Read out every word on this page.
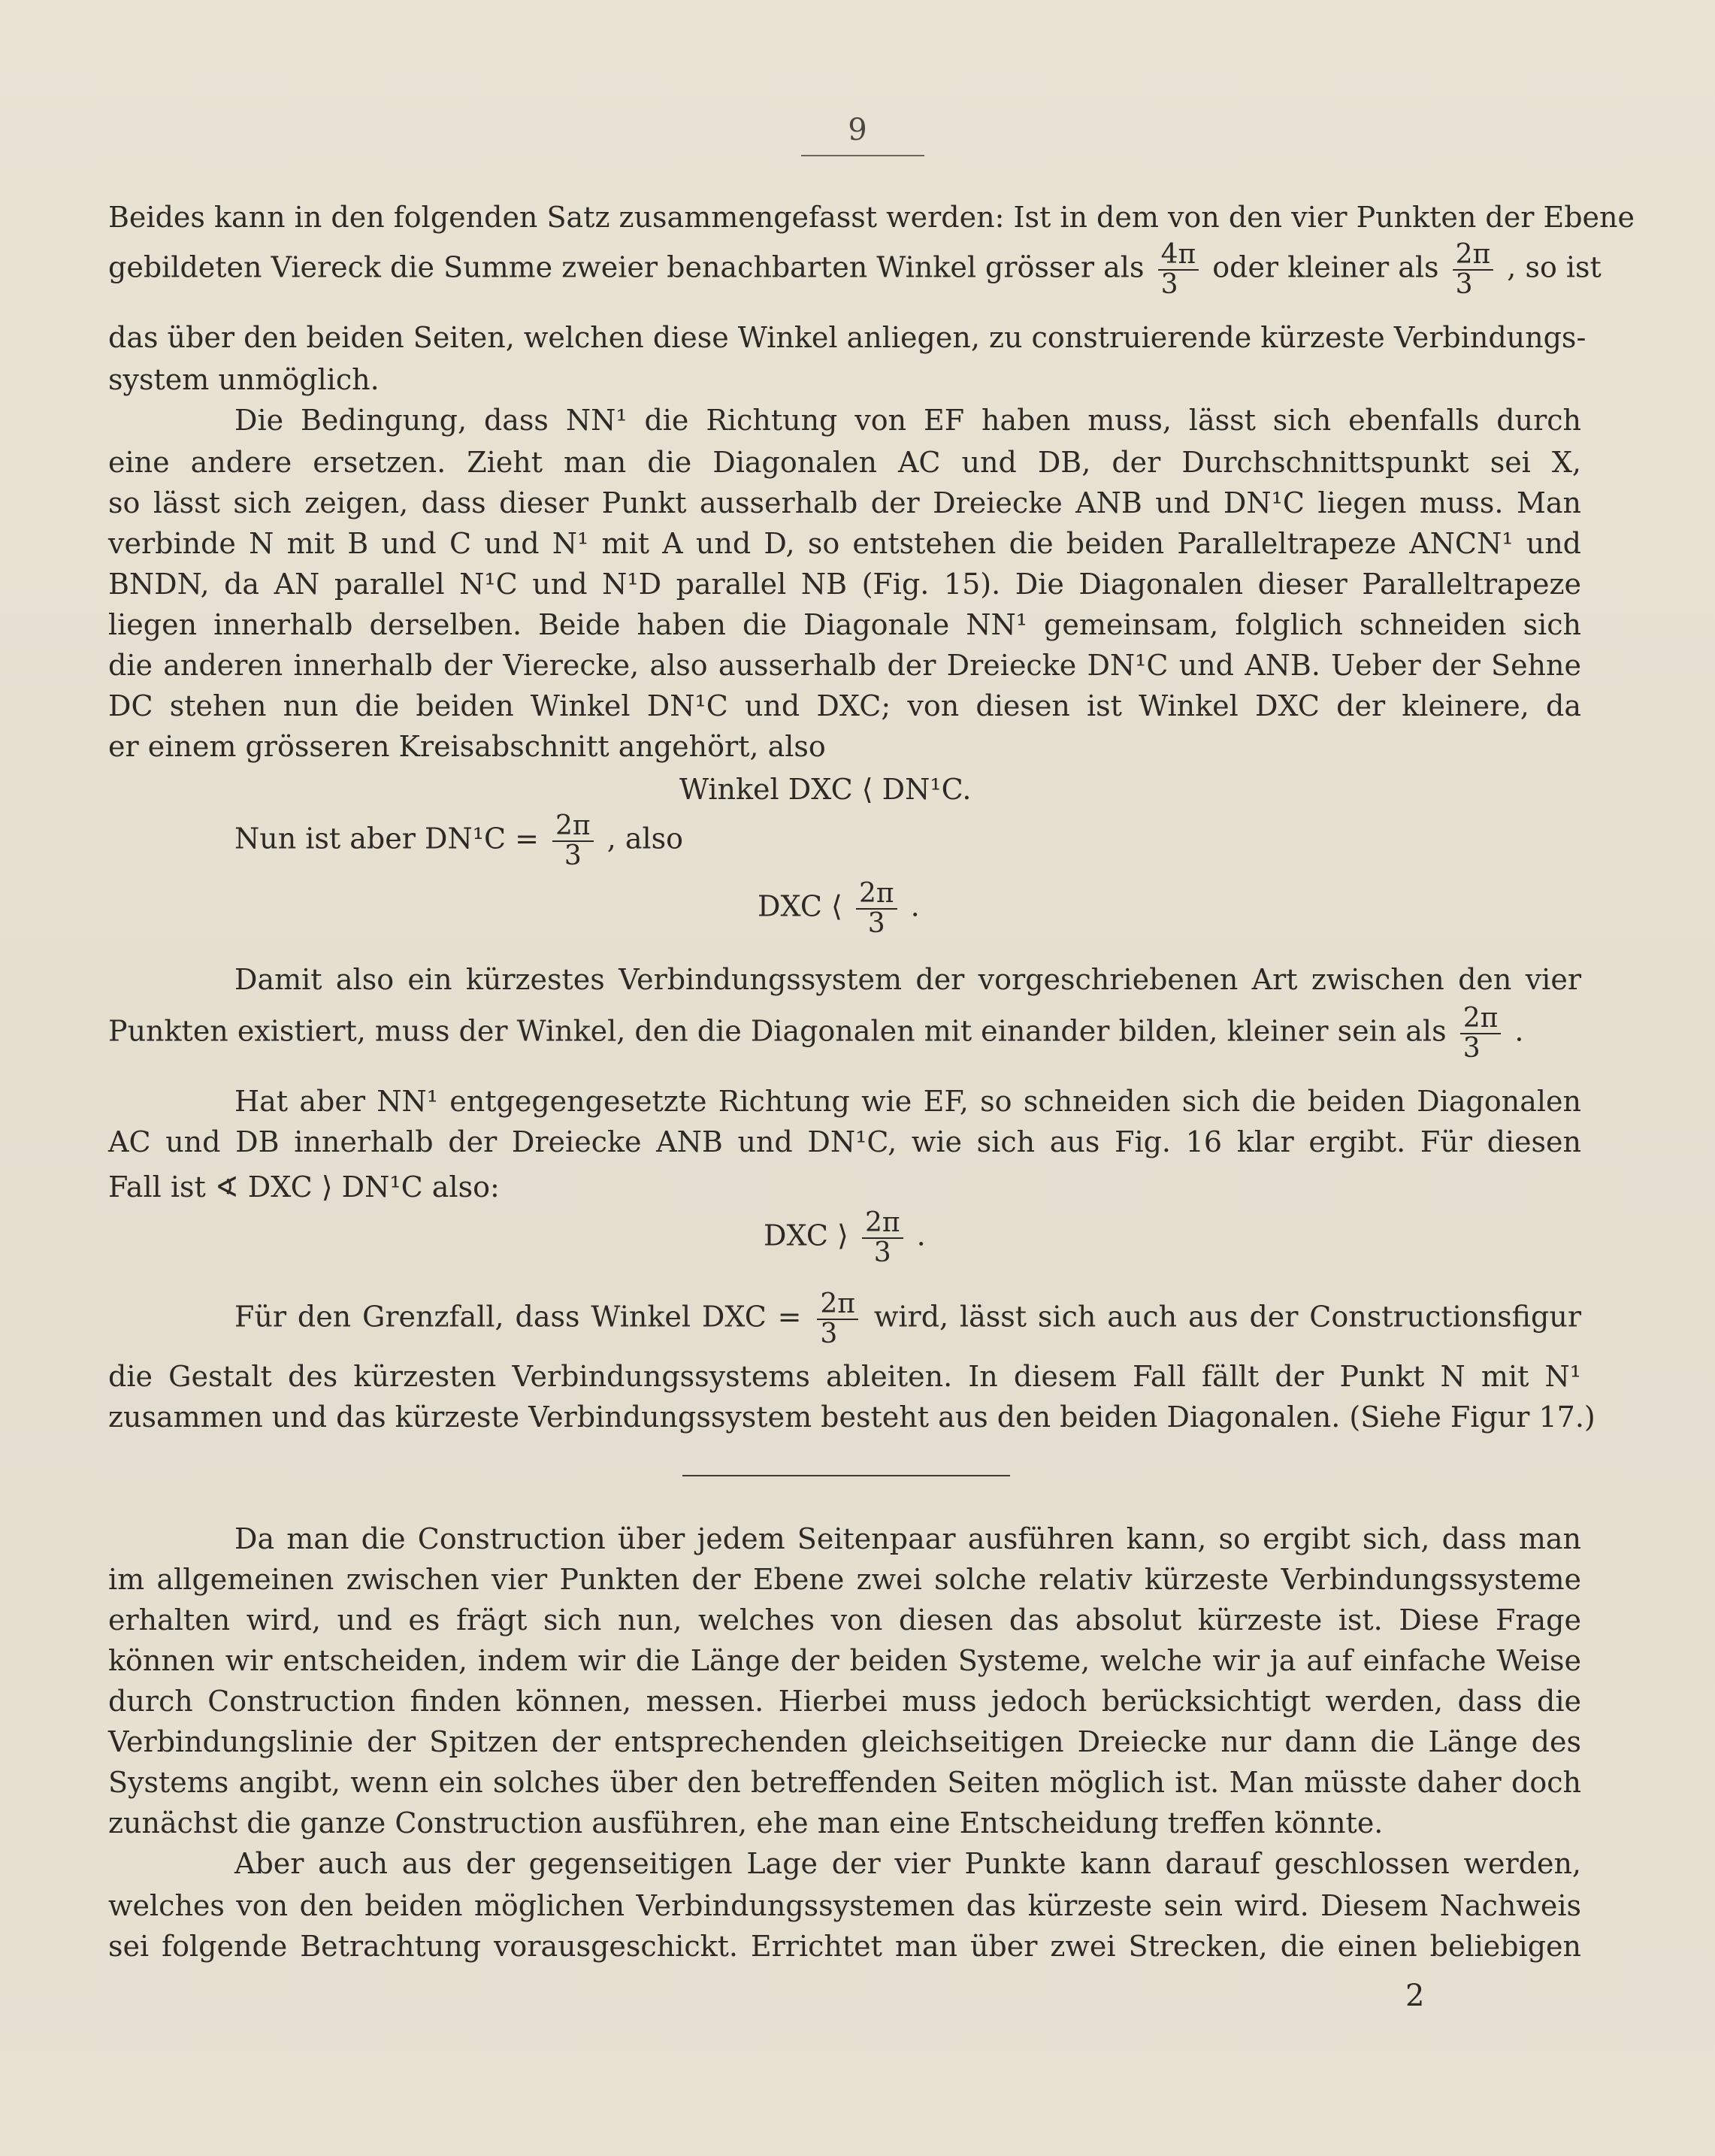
9
Beides kann in den folgenden Satz zusammengefasst werden: Ist in dem von den vier Punkten der Ebene
gebildeten Viereck die Summe zweier benachbarten Winkel grösser als $\frac{4\pi}{3}$ oder kleiner als $\frac{2\pi}{3}$ , so ist
das über den beiden Seiten, welchen diese Winkel anliegen, zu construierende kürzeste Verbindungs-
system unmöglich.
Die Bedingung, dass NN¹ die Richtung von EF haben muss, lässt sich ebenfalls durch
eine andere ersetzen. Zieht man die Diagonalen AC und DB, der Durchschnittspunkt sei X,
so lässt sich zeigen, dass dieser Punkt ausserhalb der Dreiecke ANB und DN¹C liegen muss. Man
verbinde N mit B und C und N¹ mit A und D, so entstehen die beiden Paralleltrapeze ANCN¹ und
BNDN, da AN parallel N¹C und N¹D parallel NB (Fig. 15). Die Diagonalen dieser Paralleltrapeze
liegen innerhalb derselben. Beide haben die Diagonale NN¹ gemeinsam, folglich schneiden sich
die anderen innerhalb der Vierecke, also ausserhalb der Dreiecke DN¹C und ANB. Ueber der Sehne
DC stehen nun die beiden Winkel DN¹C und DXC; von diesen ist Winkel DXC der kleinere, da
er einem grösseren Kreisabschnitt angehört, also
Winkel DXC ⟨ DN¹C.
Nun ist aber $DN^1C = \frac{2\pi}{3}$ , also
DXC ⟨ $\frac{2\pi}{3}$ .
Damit also ein kürzestes Verbindungssystem der vorgeschriebenen Art zwischen den vier
Punkten existiert, muss der Winkel, den die Diagonalen mit einander bilden, kleiner sein als $\frac{2\pi}{3}$ .
Hat aber NN¹ entgegengesetzte Richtung wie EF, so schneiden sich die beiden Diagonalen
AC und DB innerhalb der Dreiecke ANB und DN¹C, wie sich aus Fig. 16 klar ergibt. Für diesen
Fall ist ∢ DXC ⟩ DN¹C also:
DXC ⟩ $\frac{2\pi}{3}$ .
Für den Grenzfall, dass Winkel DXC = $\frac{2\pi}{3}$ wird, lässt sich auch aus der Constructionsfigur
die Gestalt des kürzesten Verbindungssystems ableiten. In diesem Fall fällt der Punkt N mit N¹
zusammen und das kürzeste Verbindungssystem besteht aus den beiden Diagonalen. (Siehe Figur 17.)
Da man die Construction über jedem Seitenpaar ausführen kann, so ergibt sich, dass man
im allgemeinen zwischen vier Punkten der Ebene zwei solche relativ kürzeste Verbindungssysteme
erhalten wird, und es frägt sich nun, welches von diesen das absolut kürzeste ist. Diese Frage
können wir entscheiden, indem wir die Länge der beiden Systeme, welche wir ja auf einfache Weise
durch Construction finden können, messen. Hierbei muss jedoch berücksichtigt werden, dass die
Verbindungslinie der Spitzen der entsprechenden gleichseitigen Dreiecke nur dann die Länge des
Systems angibt, wenn ein solches über den betreffenden Seiten möglich ist. Man müsste daher doch
zunächst die ganze Construction ausführen, ehe man eine Entscheidung treffen könnte.
Aber auch aus der gegenseitigen Lage der vier Punkte kann darauf geschlossen werden,
welches von den beiden möglichen Verbindungssystemen das kürzeste sein wird. Diesem Nachweis
sei folgende Betrachtung vorausgeschickt. Errichtet man über zwei Strecken, die einen beliebigen
2
